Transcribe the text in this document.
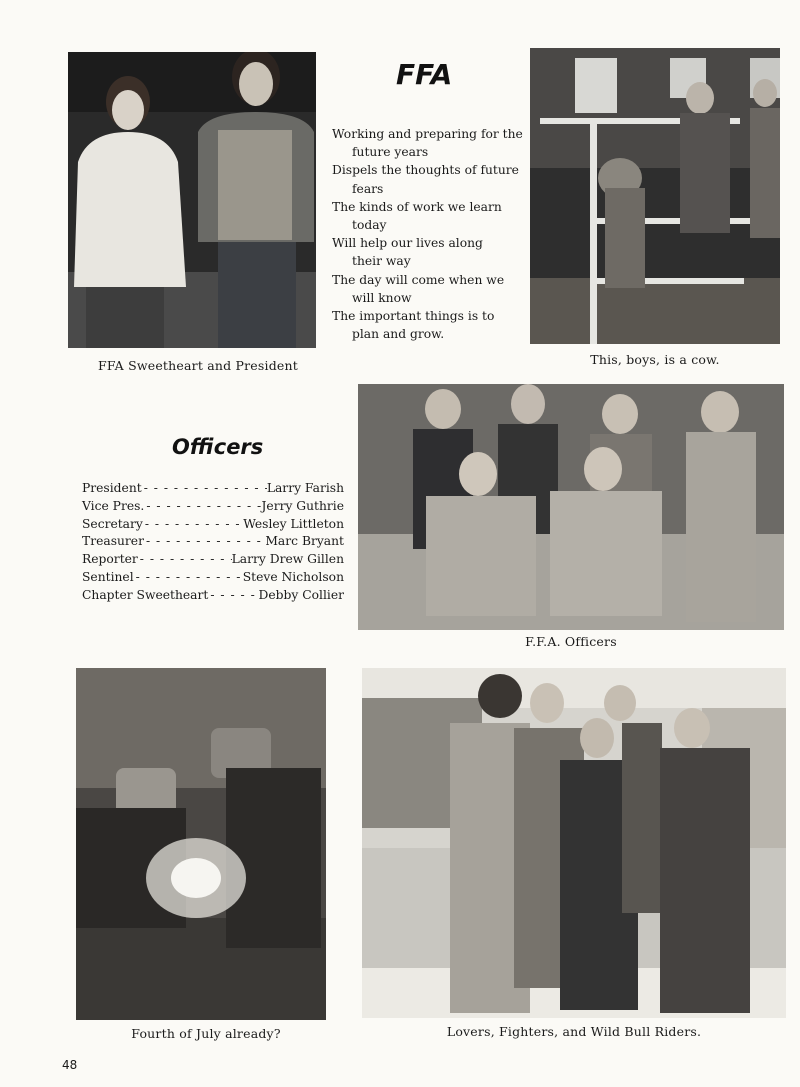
FFA Sweetheart and President
FFA
Working and preparing for the
future years
Dispels the thoughts of future
fears
The kinds of work we learn
today
Will help our lives along
their way
The day will come when we
will know
The important things is to
plan and grow.
This, boys, is a cow.
Officers
President - - -	Larry Farish
Vice Pres. - - -	Jerry Guthrie
Secretary - - -	Wesley Littleton
Treasurer - - -	Marc Bryant
Reporter - - -	Larry Drew Gillen
Sentinel - - -	Steve Nicholson
Chapter Sweetheart - - -	Debby Collier
F.F.A. Officers
Fourth of July already?	Lovers, Fighters, and Wild Bull Riders.
48
